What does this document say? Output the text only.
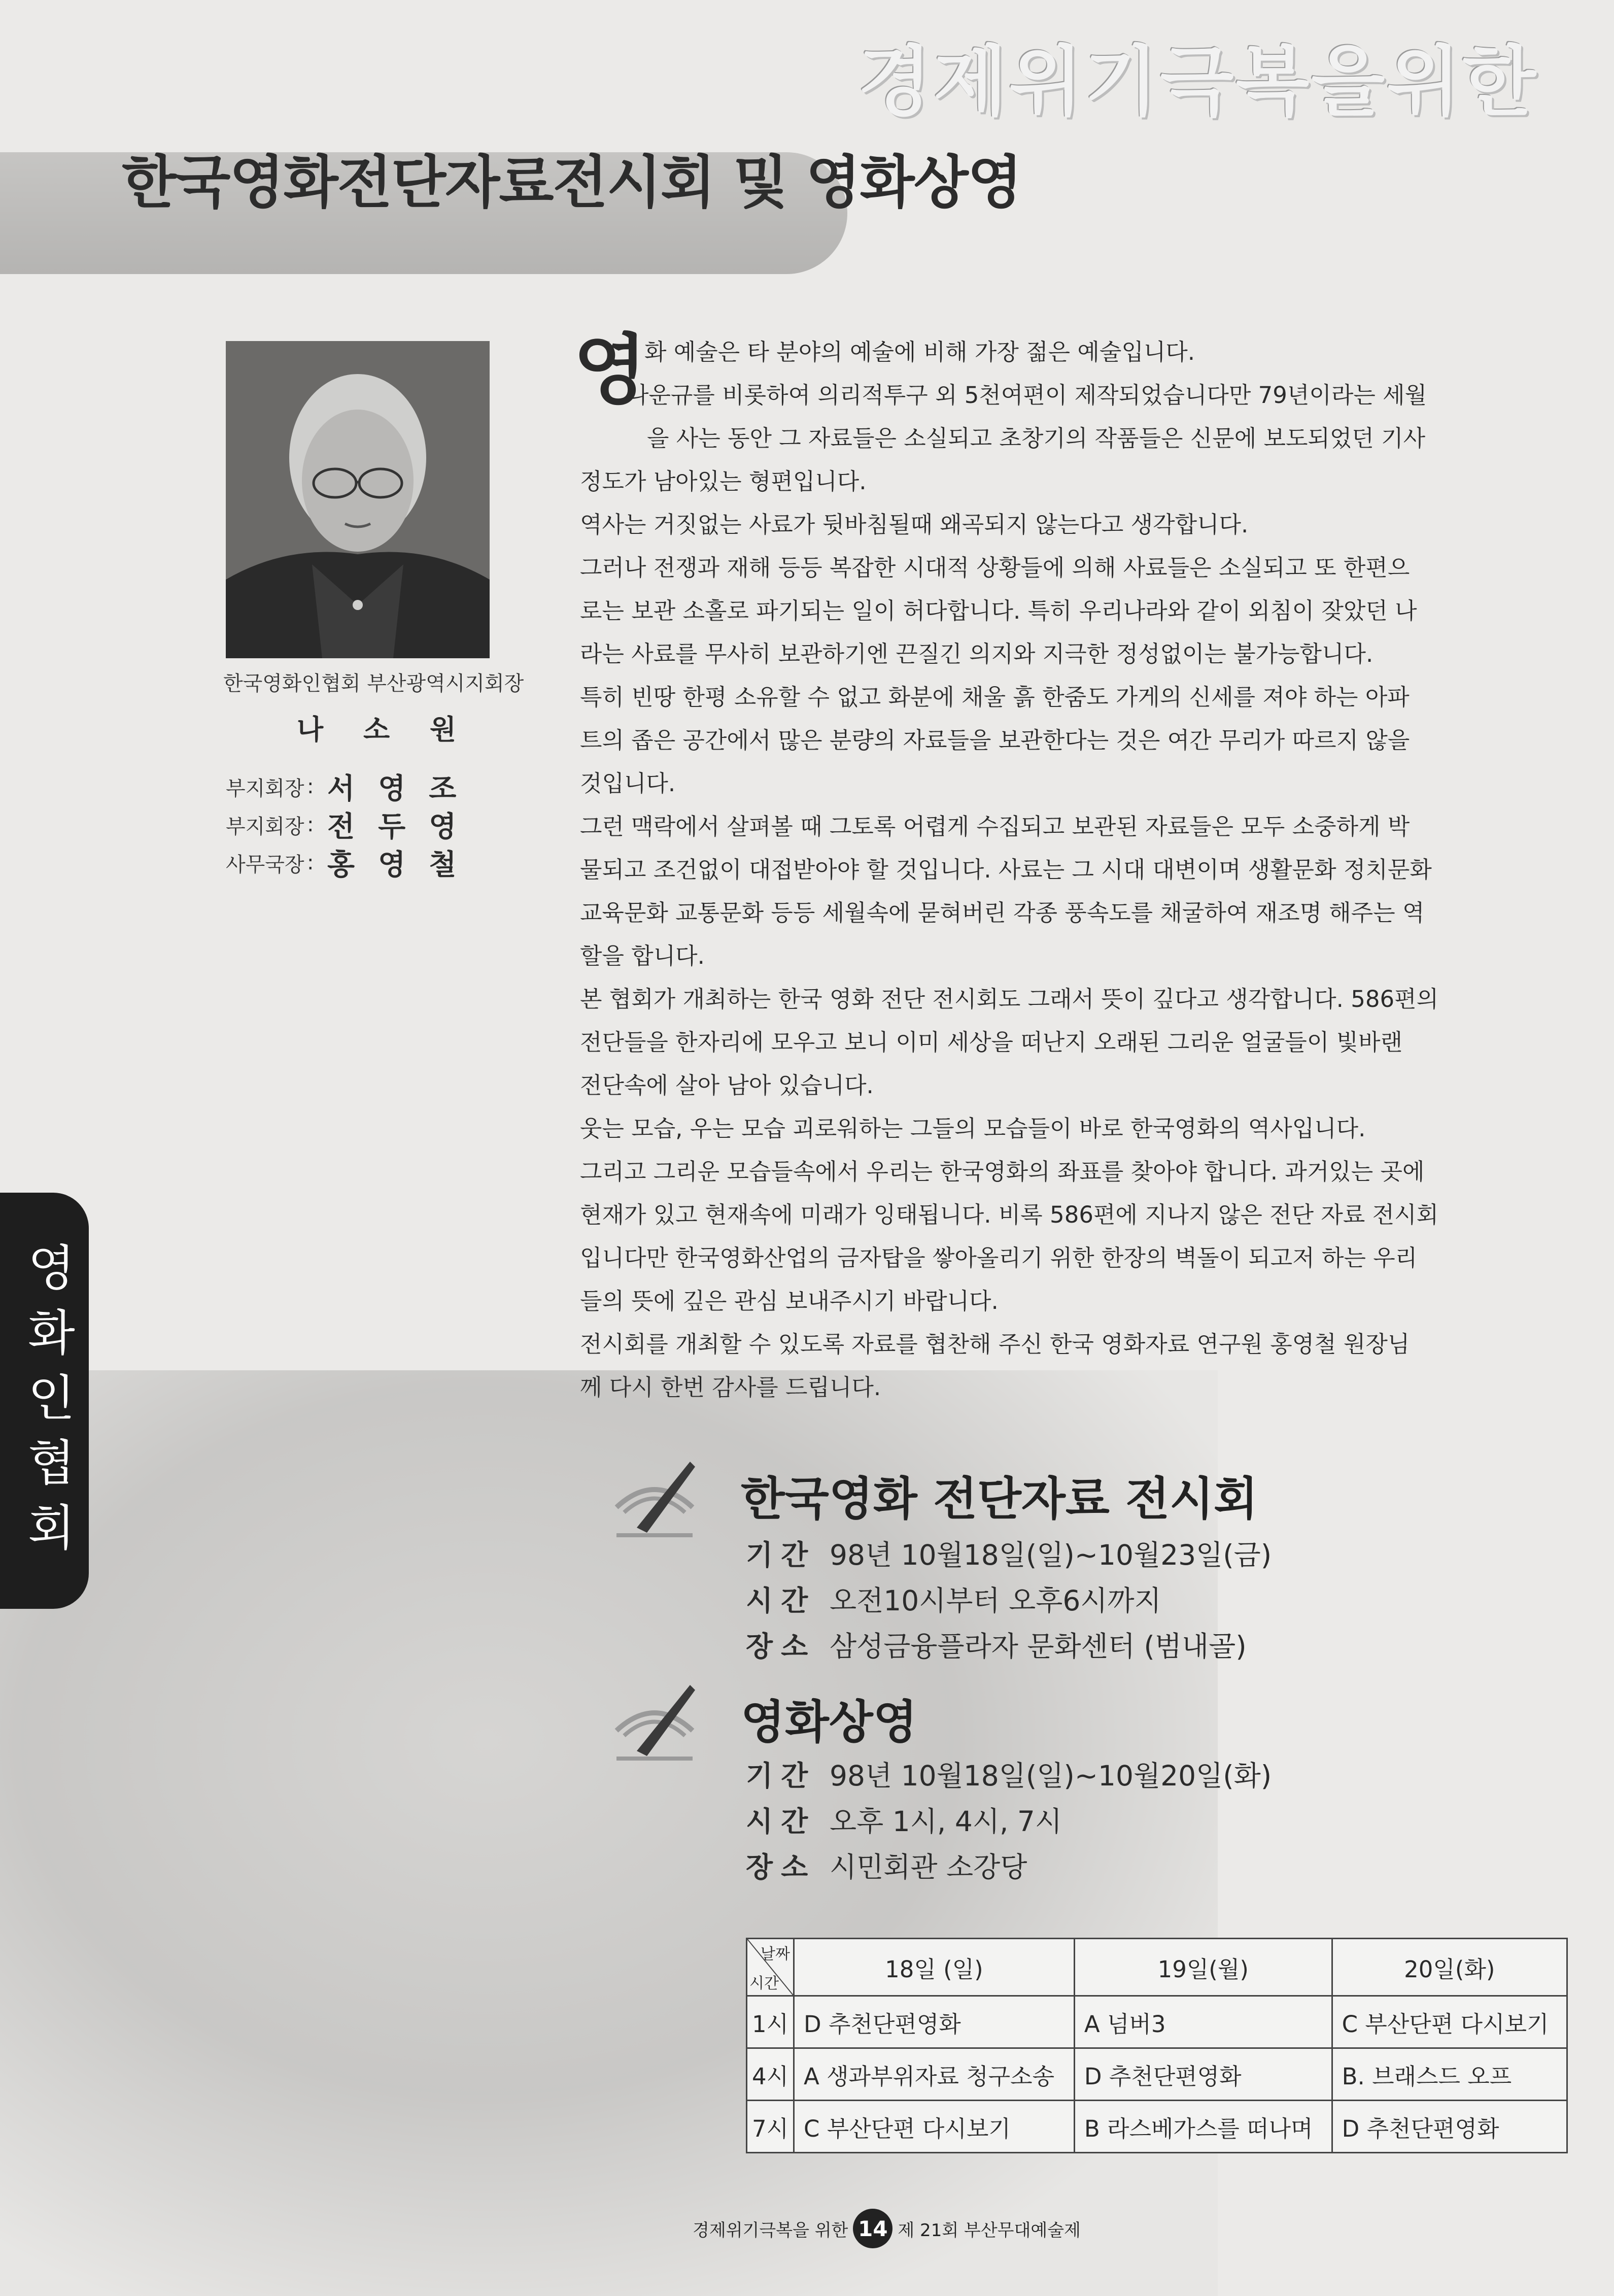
경제위기극복을위한
한국영화전단자료전시회 및 영화상영
한국영화인협회 부산광역시지회장
나 소 원
부지회장 : 서영조
부지회장 : 전두영
사무국장 : 홍영철
영화인협회
영
화 예술은 타 분야의 예술에 비해 가장 젊은 예술입니다.
나운규를 비롯하여 의리적투구 외 5천여편이 제작되었습니다만 79년이라는 세월
을 사는 동안 그 자료들은 소실되고 초창기의 작품들은 신문에 보도되었던 기사
정도가 남아있는 형편입니다.
역사는 거짓없는 사료가 뒷바침될때 왜곡되지 않는다고 생각합니다.
그러나 전쟁과 재해 등등 복잡한 시대적 상황들에 의해 사료들은 소실되고 또 한편으
로는 보관 소홀로 파기되는 일이 허다합니다. 특히 우리나라와 같이 외침이 잦았던 나
라는 사료를 무사히 보관하기엔 끈질긴 의지와 지극한 정성없이는 불가능합니다.
특히 빈땅 한평 소유할 수 없고 화분에 채울 흙 한줌도 가게의 신세를 져야 하는 아파
트의 좁은 공간에서 많은 분량의 자료들을 보관한다는 것은 여간 무리가 따르지 않을
것입니다.
그런 맥락에서 살펴볼 때 그토록 어렵게 수집되고 보관된 자료들은 모두 소중하게 박
물되고 조건없이 대접받아야 할 것입니다. 사료는 그 시대 대변이며 생활문화 정치문화
교육문화 교통문화 등등 세월속에 묻혀버린 각종 풍속도를 채굴하여 재조명 해주는 역
할을 합니다.
본 협회가 개최하는 한국 영화 전단 전시회도 그래서 뜻이 깊다고 생각합니다. 586편의
전단들을 한자리에 모우고 보니 이미 세상을 떠난지 오래된 그리운 얼굴들이 빛바랜
전단속에 살아 남아 있습니다.
웃는 모습, 우는 모습 괴로워하는 그들의 모습들이 바로 한국영화의 역사입니다.
그리고 그리운 모습들속에서 우리는 한국영화의 좌표를 찾아야 합니다. 과거있는 곳에
현재가 있고 현재속에 미래가 잉태됩니다. 비록 586편에 지나지 않은 전단 자료 전시회
입니다만 한국영화산업의 금자탑을 쌓아올리기 위한 한장의 벽돌이 되고저 하는 우리
들의 뜻에 깊은 관심 보내주시기 바랍니다.
전시회를 개최할 수 있도록 자료를 협찬해 주신 한국 영화자료 연구원 홍영철 원장님
께 다시 한번 감사를 드립니다.
한국영화 전단자료 전시회
기간 98년 10월18일(일)~10월23일(금)
시간 오전10시부터 오후6시까지
장소 삼성금융플라자 문화센터 (범내골)
영화상영
기간 98년 10월18일(일)~10월20일(화)
시간 오후 1시, 4시, 7시
장소 시민회관 소강당
날짜
시간	18일 (일)	19일(월)	20일(화)
1시	D 추천단편영화	A 넘버3	C 부산단편 다시보기
4시	A 생과부위자료 청구소송	D 추천단편영화	B. 브래스드 오프
7시	C 부산단편 다시보기	B 라스베가스를 떠나며	D 추천단편영화
경제위기극복을 위한 14 제 21회 부산무대예술제
